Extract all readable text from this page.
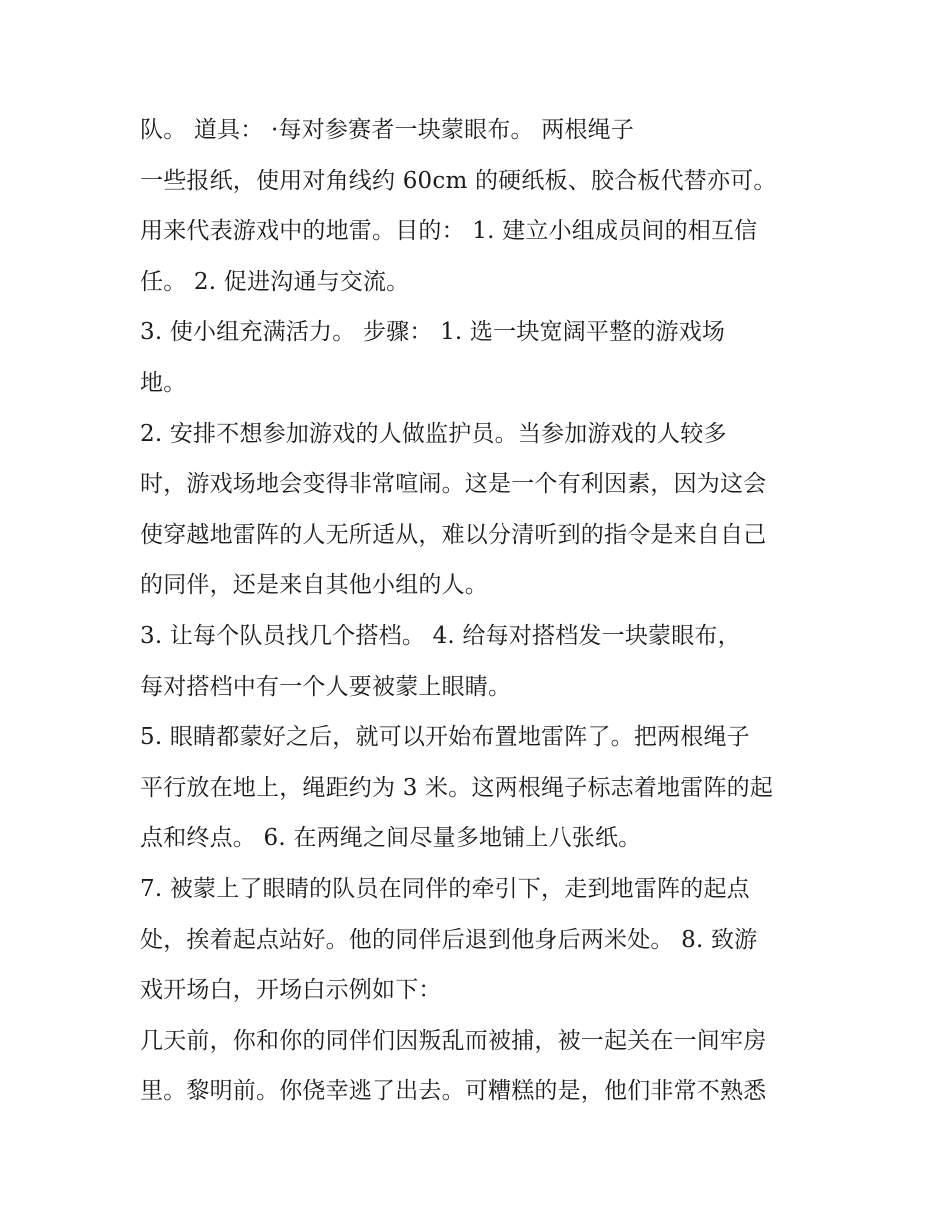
队。 道具： ·每对参赛者一块蒙眼布。 两根绳子
一些报纸，使用对角线约 60cm 的硬纸板、胶合板代替亦可。
用来代表游戏中的地雷。目的： 1. 建立小组成员间的相互信
任。 2. 促进沟通与交流。
3. 使小组充满活力。 步骤： 1. 选一块宽阔平整的游戏场
地。
2. 安排不想参加游戏的人做监护员。当参加游戏的人较多
时，游戏场地会变得非常喧闹。这是一个有利因素，因为这会
使穿越地雷阵的人无所适从，难以分清听到的指令是来自自己
的同伴，还是来自其他小组的人。
3. 让每个队员找几个搭档。 4. 给每对搭档发一块蒙眼布，
每对搭档中有一个人要被蒙上眼睛。
5. 眼睛都蒙好之后，就可以开始布置地雷阵了。把两根绳子
平行放在地上，绳距约为 3 米。这两根绳子标志着地雷阵的起
点和终点。 6. 在两绳之间尽量多地铺上八张纸。
7. 被蒙上了眼睛的队员在同伴的牵引下，走到地雷阵的起点
处，挨着起点站好。他的同伴后退到他身后两米处。 8. 致游
戏开场白，开场白示例如下：
几天前，你和你的同伴们因叛乱而被捕，被一起关在一间牢房
里。黎明前。你侥幸逃了出去。可糟糕的是，他们非常不熟悉
